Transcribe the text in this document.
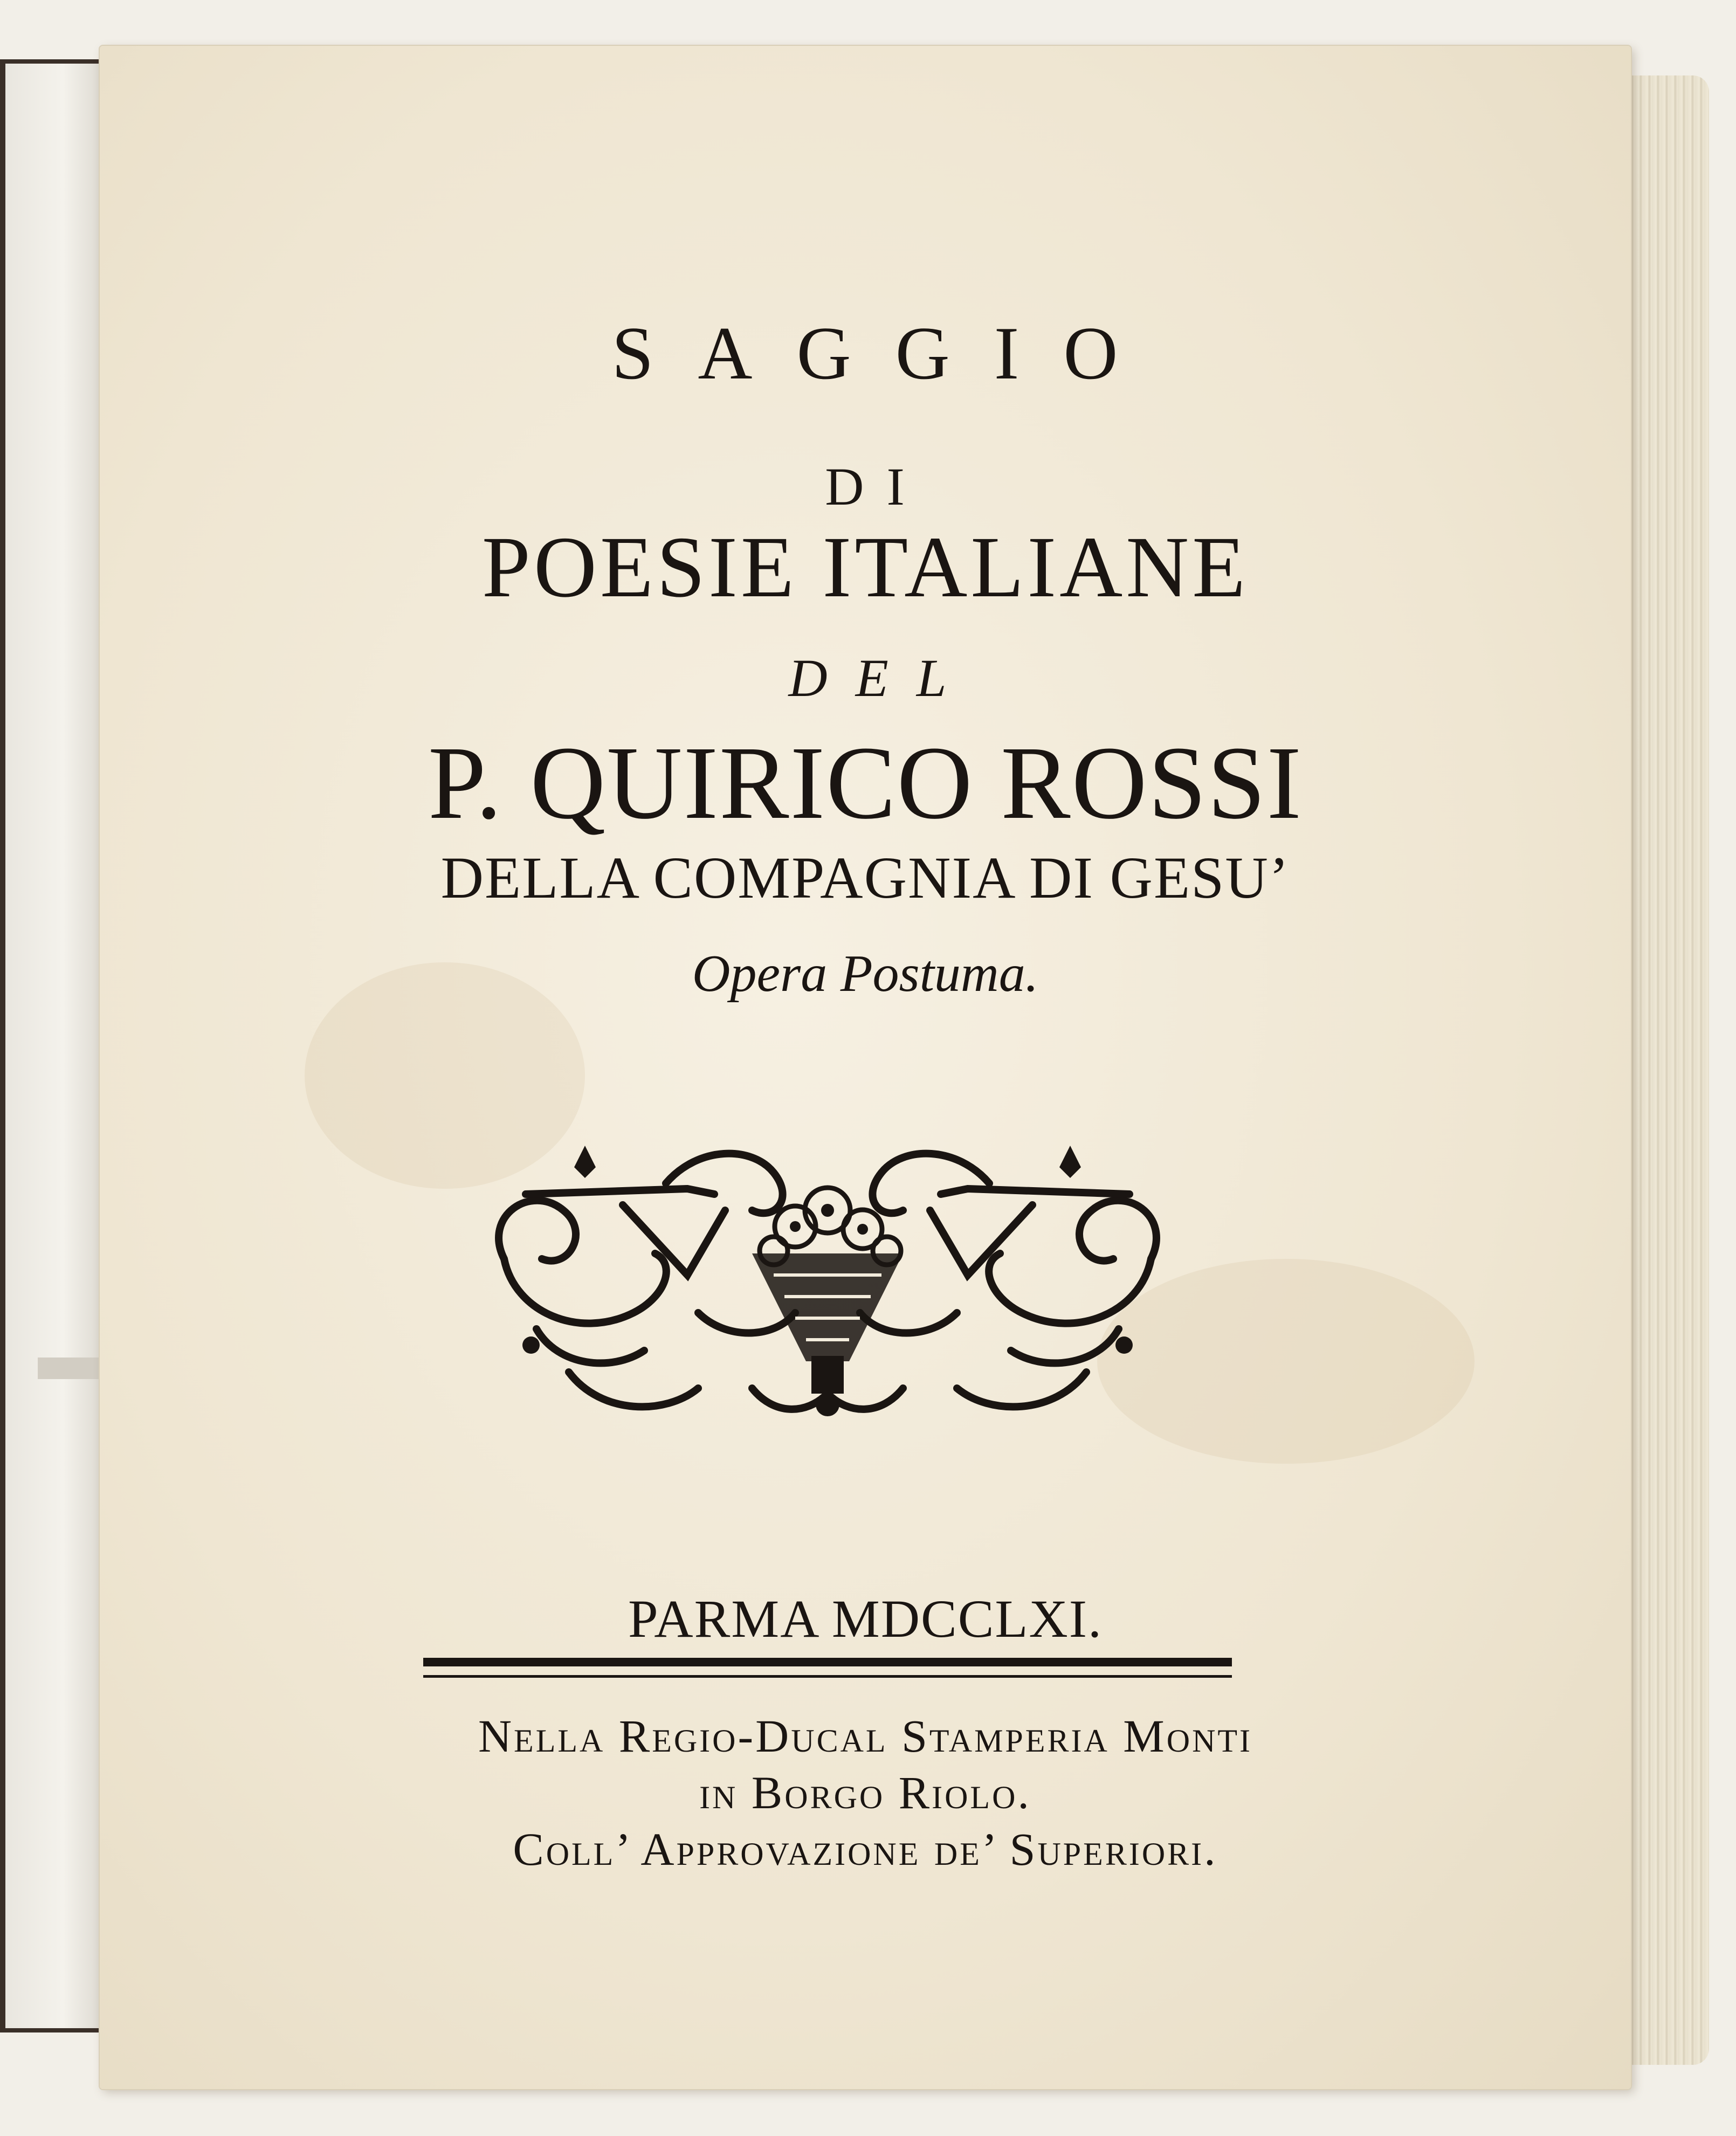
SAGGIO

DI

POESIE ITALIANE

DEL

P. QUIRICO ROSSI

DELLA COMPAGNIA DI GESU’

Opera Postuma.

PARMA MDCCLXI.

Nella Regio-Ducal Stamperia Monti

in Borgo Riolo.

Coll’ Approvazione de’ Superiori.
